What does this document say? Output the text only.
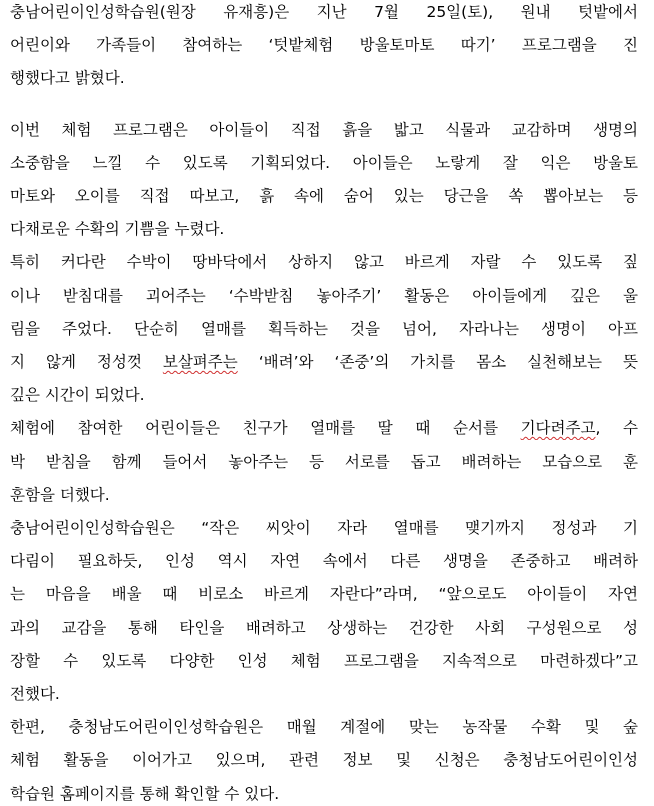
충남어린이인성학습원(원장 유재흥)은 지난 7월 25일(토), 원내 텃밭에서
어린이와 가족들이 참여하는 ‘텃밭체험 방울토마토 따기’ 프로그램을 진
행했다고 밝혔다.
이번 체험 프로그램은 아이들이 직접 흙을 밟고 식물과 교감하며 생명의
소중함을 느낄 수 있도록 기획되었다. 아이들은 노랗게 잘 익은 방울토
마토와 오이를 직접 따보고, 흙 속에 숨어 있는 당근을 쏙 뽑아보는 등
다채로운 수확의 기쁨을 누렸다.
특히 커다란 수박이 땅바닥에서 상하지 않고 바르게 자랄 수 있도록 짚
이나 받침대를 괴어주는 ‘수박받침 놓아주기’ 활동은 아이들에게 깊은 울
림을 주었다. 단순히 열매를 획득하는 것을 넘어, 자라나는 생명이 아프
지 않게 정성껏 보살펴주는 ‘배려’와 ‘존중’의 가치를 몸소 실천해보는 뜻
깊은 시간이 되었다.
체험에 참여한 어린이들은 친구가 열매를 딸 때 순서를 기다려주고, 수
박 받침을 함께 들어서 놓아주는 등 서로를 돕고 배려하는 모습으로 훈
훈함을 더했다.
충남어린이인성학습원은 “작은 씨앗이 자라 열매를 맺기까지 정성과 기
다림이 필요하듯, 인성 역시 자연 속에서 다른 생명을 존중하고 배려하
는 마음을 배울 때 비로소 바르게 자란다”라며, “앞으로도 아이들이 자연
과의 교감을 통해 타인을 배려하고 상생하는 건강한 사회 구성원으로 성
장할 수 있도록 다양한 인성 체험 프로그램을 지속적으로 마련하겠다”고
전했다.
한편, 충청남도어린이인성학습원은 매월 계절에 맞는 농작물 수확 및 숲
체험 활동을 이어가고 있으며, 관련 정보 및 신청은 충청남도어린이인성
학습원 홈페이지를 통해 확인할 수 있다.
